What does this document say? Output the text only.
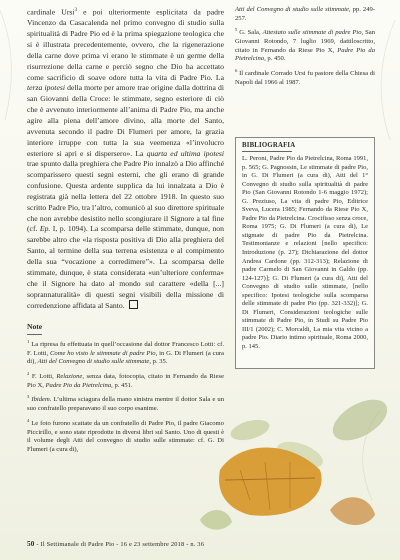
cardinale Ursi$^3$ e poi ulteriormente esplicitata da padre Vincenzo da Casacalenda nel primo convegno di studio sulla spiritualità di Padre Pio ed è la prima spiegazione teologica che si è illustrata precedentemente, ovvero, che la rigenerazione della carne dove prima vi erano le stimmate è un germe della risurrezione della carne e perciò segno che Dio ha accettato come sacrificio di soave odore tutta la vita di Padre Pio. La terza ipotesi della morte per amore trae origine dalla dottrina di san Giovanni della Croce: le stimmate, segno esteriore di ciò che è avvenuto interiormente all’anima di Padre Pio, ma anche agire alla piena dell’amore divino, alla morte del Santo, avvenuta secondo il padre Di Flumeri per amore, la grazia interiore irruppe con tutta la sua veemenza «l’involucro esteriore si aprì e si dispersero». La quarta ed ultima ipotesi trae spunto dalla preghiera che Padre Pio innalzò a Dio affinché scomparissero questi segni esterni, che gli erano di grande confusione. Questa ardente supplica da lui innalzata a Dio è registrata già nella lettera del 22 ottobre 1918. In questo suo scritto Padre Pio, tra l’altro, comunicò al suo direttore spirituale che non avrebbe desistito nello scongiurare il Signore a tal fine (cf. Ep. I, p. 1094). La scomparsa delle stimmate, dunque, non sarebbe altro che «la risposta positiva di Dio alla preghiera del Santo, al termine della sua terrena esistenza e al compimento della sua “vocazione a corredimere”». La scomparsa delle stimmate, dunque, è stata considerata «un’ulteriore conferma» che il Signore ha dato al mondo sul carattere «della [...] soprannaturalità» di questi segni visibili della missione di corredenzione affidata al Santo.

Note
$^1$ La ripresa fu effettuata in quell’occasione dal dottor Francesco Lotti: cf. F. Lotti, Come ho visto le stimmate di padre Pio, in G. Di Flumeri (a cura di), Atti del Convegno di studio sulle stimmate, p. 35.
$^2$ F. Lotti, Relazione, senza data, fotocopia, citato in Fernando da Riese Pio X, Padre Pio da Pietrelcina, p. 451.
$^3$ Ibidem. L’ultima sciagura della mano sinistra mentre il dottor Sala e un suo confratello preparavano il suo corpo esanime.
$^4$ Le foto furono scattate da un confratello di Padre Pio, il padre Giacomo Piccirillo, e sono state riprodotte in diversi libri sul Santo. Uno di questi è il volume degli Atti del convegno di studio sulle stimmate: cf. G. Di Flumeri (a cura di),
Atti del Convegno di studio sulle stimmate, pp. 249-257.
$^5$ G. Sala, Attestato sulle stimmate di padre Pio, San Giovanni Rotondo, 7 luglio 1969, dattiloscritto, citato in Fernando da Riese Pio X, Padre Pio da Pietrelcina, p. 450.
$^6$ Il cardinale Corrado Ursi fu pastore della Chiesa di Napoli dal 1966 al 1987.
BIBLIOGRAFIA
L. Peroni, Padre Pio da Pietrelcina, Roma 1991, p. 565; G. Pagnossin, Le stimmate di padre Pio, in G. Di Flumeri (a cura di), Atti del 1° Convegno di studio sulla spiritualità di padre Pio (San Giovanni Rotondo 1-6 maggio 1972); G. Preziuso, La vita di padre Pio, Editrice Sveva, Lucera 1985; Fernando da Riese Pio X, Padre Pio da Pietrelcina. Crocifisso senza croce, Roma 1975; G. Di Flumeri (a cura di), Le stigmate di padre Pio da Pietrelcina. Testimonianze e relazioni [nello specifico: Introduzione (p. 27); Dichiarazione del dottor Andrea Cardone (pp. 312-313); Relazione di padre Carmelo di San Giovanni in Galdo (pp. 124-127)]; G. Di Flumeri (a cura di), Atti del Convegno di studio sulle stimmate, [nello specifico: Ipotesi teologiche sulla scomparsa delle stimmate di padre Pio (pp. 321-332)]; G. Di Flumeri, Considerazioni teologiche sulle stimmate di Padre Pio, in Studi su Padre Pio III/1 (2002); C. Morcaldi, La mia vita vicino a padre Pio. Diario intimo spirituale, Roma 2000, p. 145.
50 - Il Settimanale di Padre Pio - 16 e 23 settembre 2018 - n. 36
